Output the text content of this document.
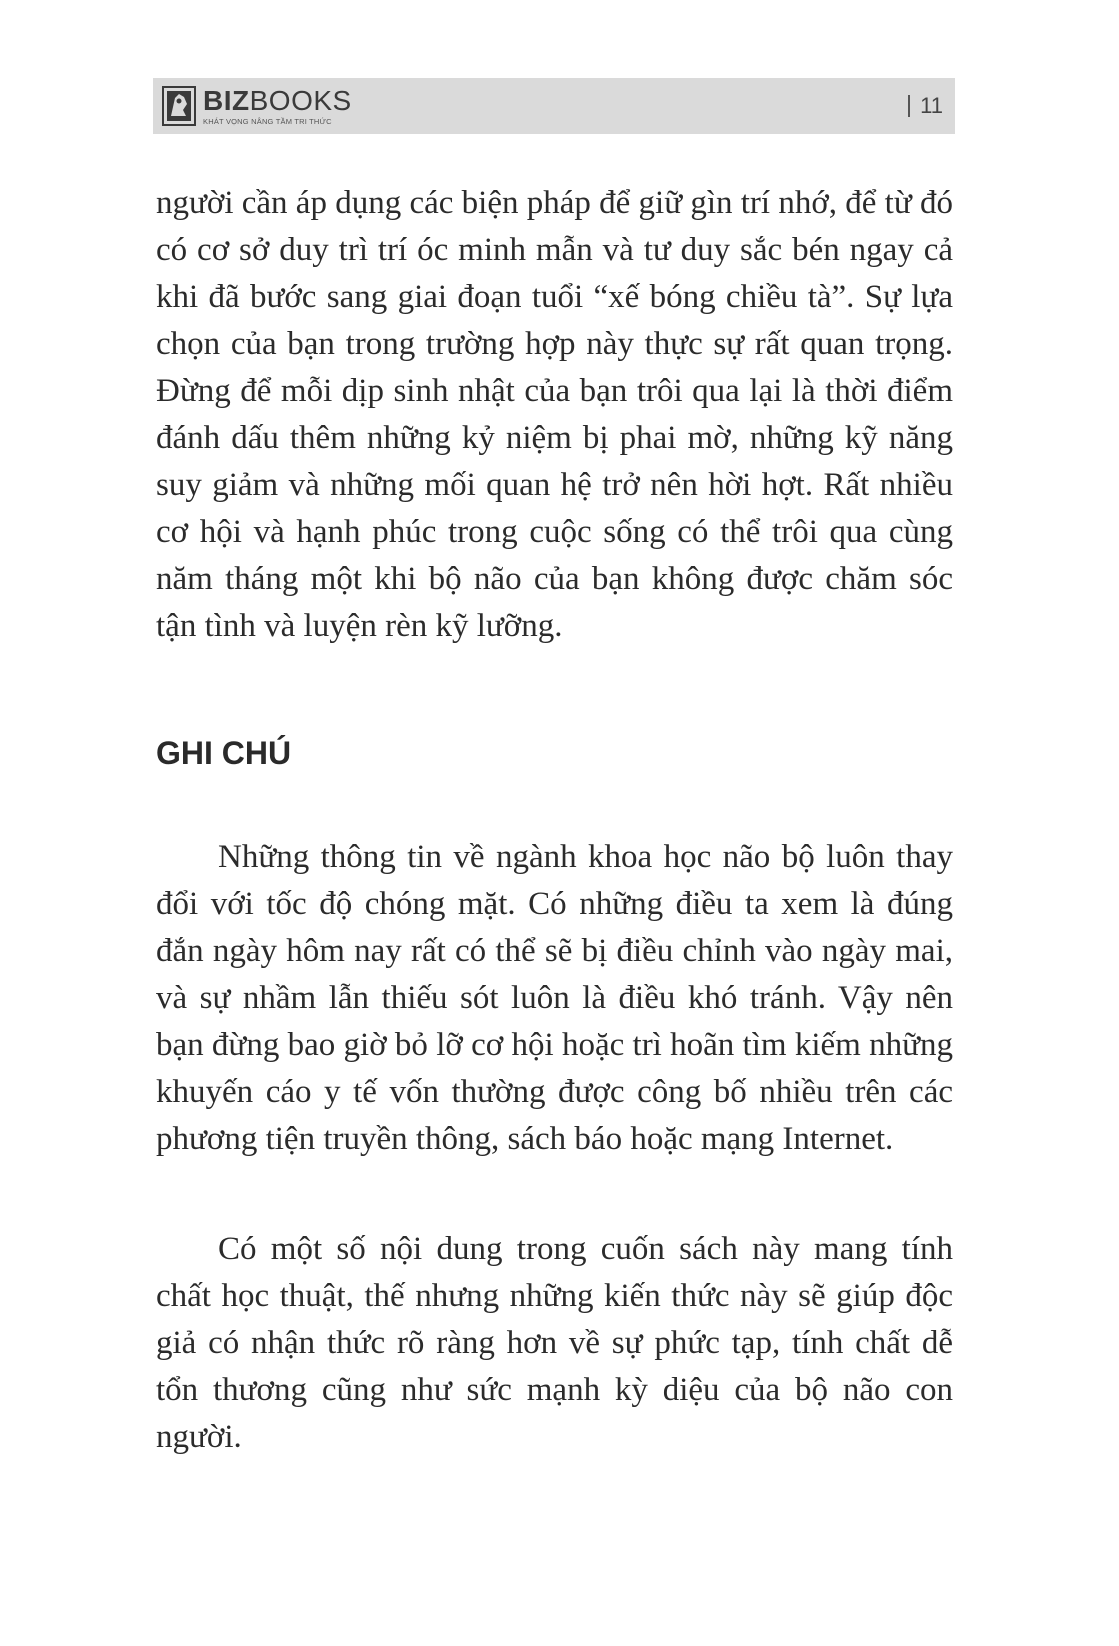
BIZBOOKS
KHÁT VỌNG NÂNG TẦM TRI THỨC
11

người cần áp dụng các biện pháp để giữ gìn trí nhớ, để từ đó có cơ sở duy trì trí óc minh mẫn và tư duy sắc bén ngay cả khi đã bước sang giai đoạn tuổi “xế bóng chiều tà”. Sự lựa chọn của bạn trong trường hợp này thực sự rất quan trọng. Đừng để mỗi dịp sinh nhật của bạn trôi qua lại là thời điểm đánh dấu thêm những kỷ niệm bị phai mờ, những kỹ năng suy giảm và những mối quan hệ trở nên hời hợt. Rất nhiều cơ hội và hạnh phúc trong cuộc sống có thể trôi qua cùng năm tháng một khi bộ não của bạn không được chăm sóc tận tình và luyện rèn kỹ lưỡng.

GHI CHÚ

Những thông tin về ngành khoa học não bộ luôn thay đổi với tốc độ chóng mặt. Có những điều ta xem là đúng đắn ngày hôm nay rất có thể sẽ bị điều chỉnh vào ngày mai, và sự nhầm lẫn thiếu sót luôn là điều khó tránh. Vậy nên bạn đừng bao giờ bỏ lỡ cơ hội hoặc trì hoãn tìm kiếm những khuyến cáo y tế vốn thường được công bố nhiều trên các phương tiện truyền thông, sách báo hoặc mạng Internet.

Có một số nội dung trong cuốn sách này mang tính chất học thuật, thế nhưng những kiến thức này sẽ giúp độc giả có nhận thức rõ ràng hơn về sự phức tạp, tính chất dễ tổn thương cũng như sức mạnh kỳ diệu của bộ não con người.
